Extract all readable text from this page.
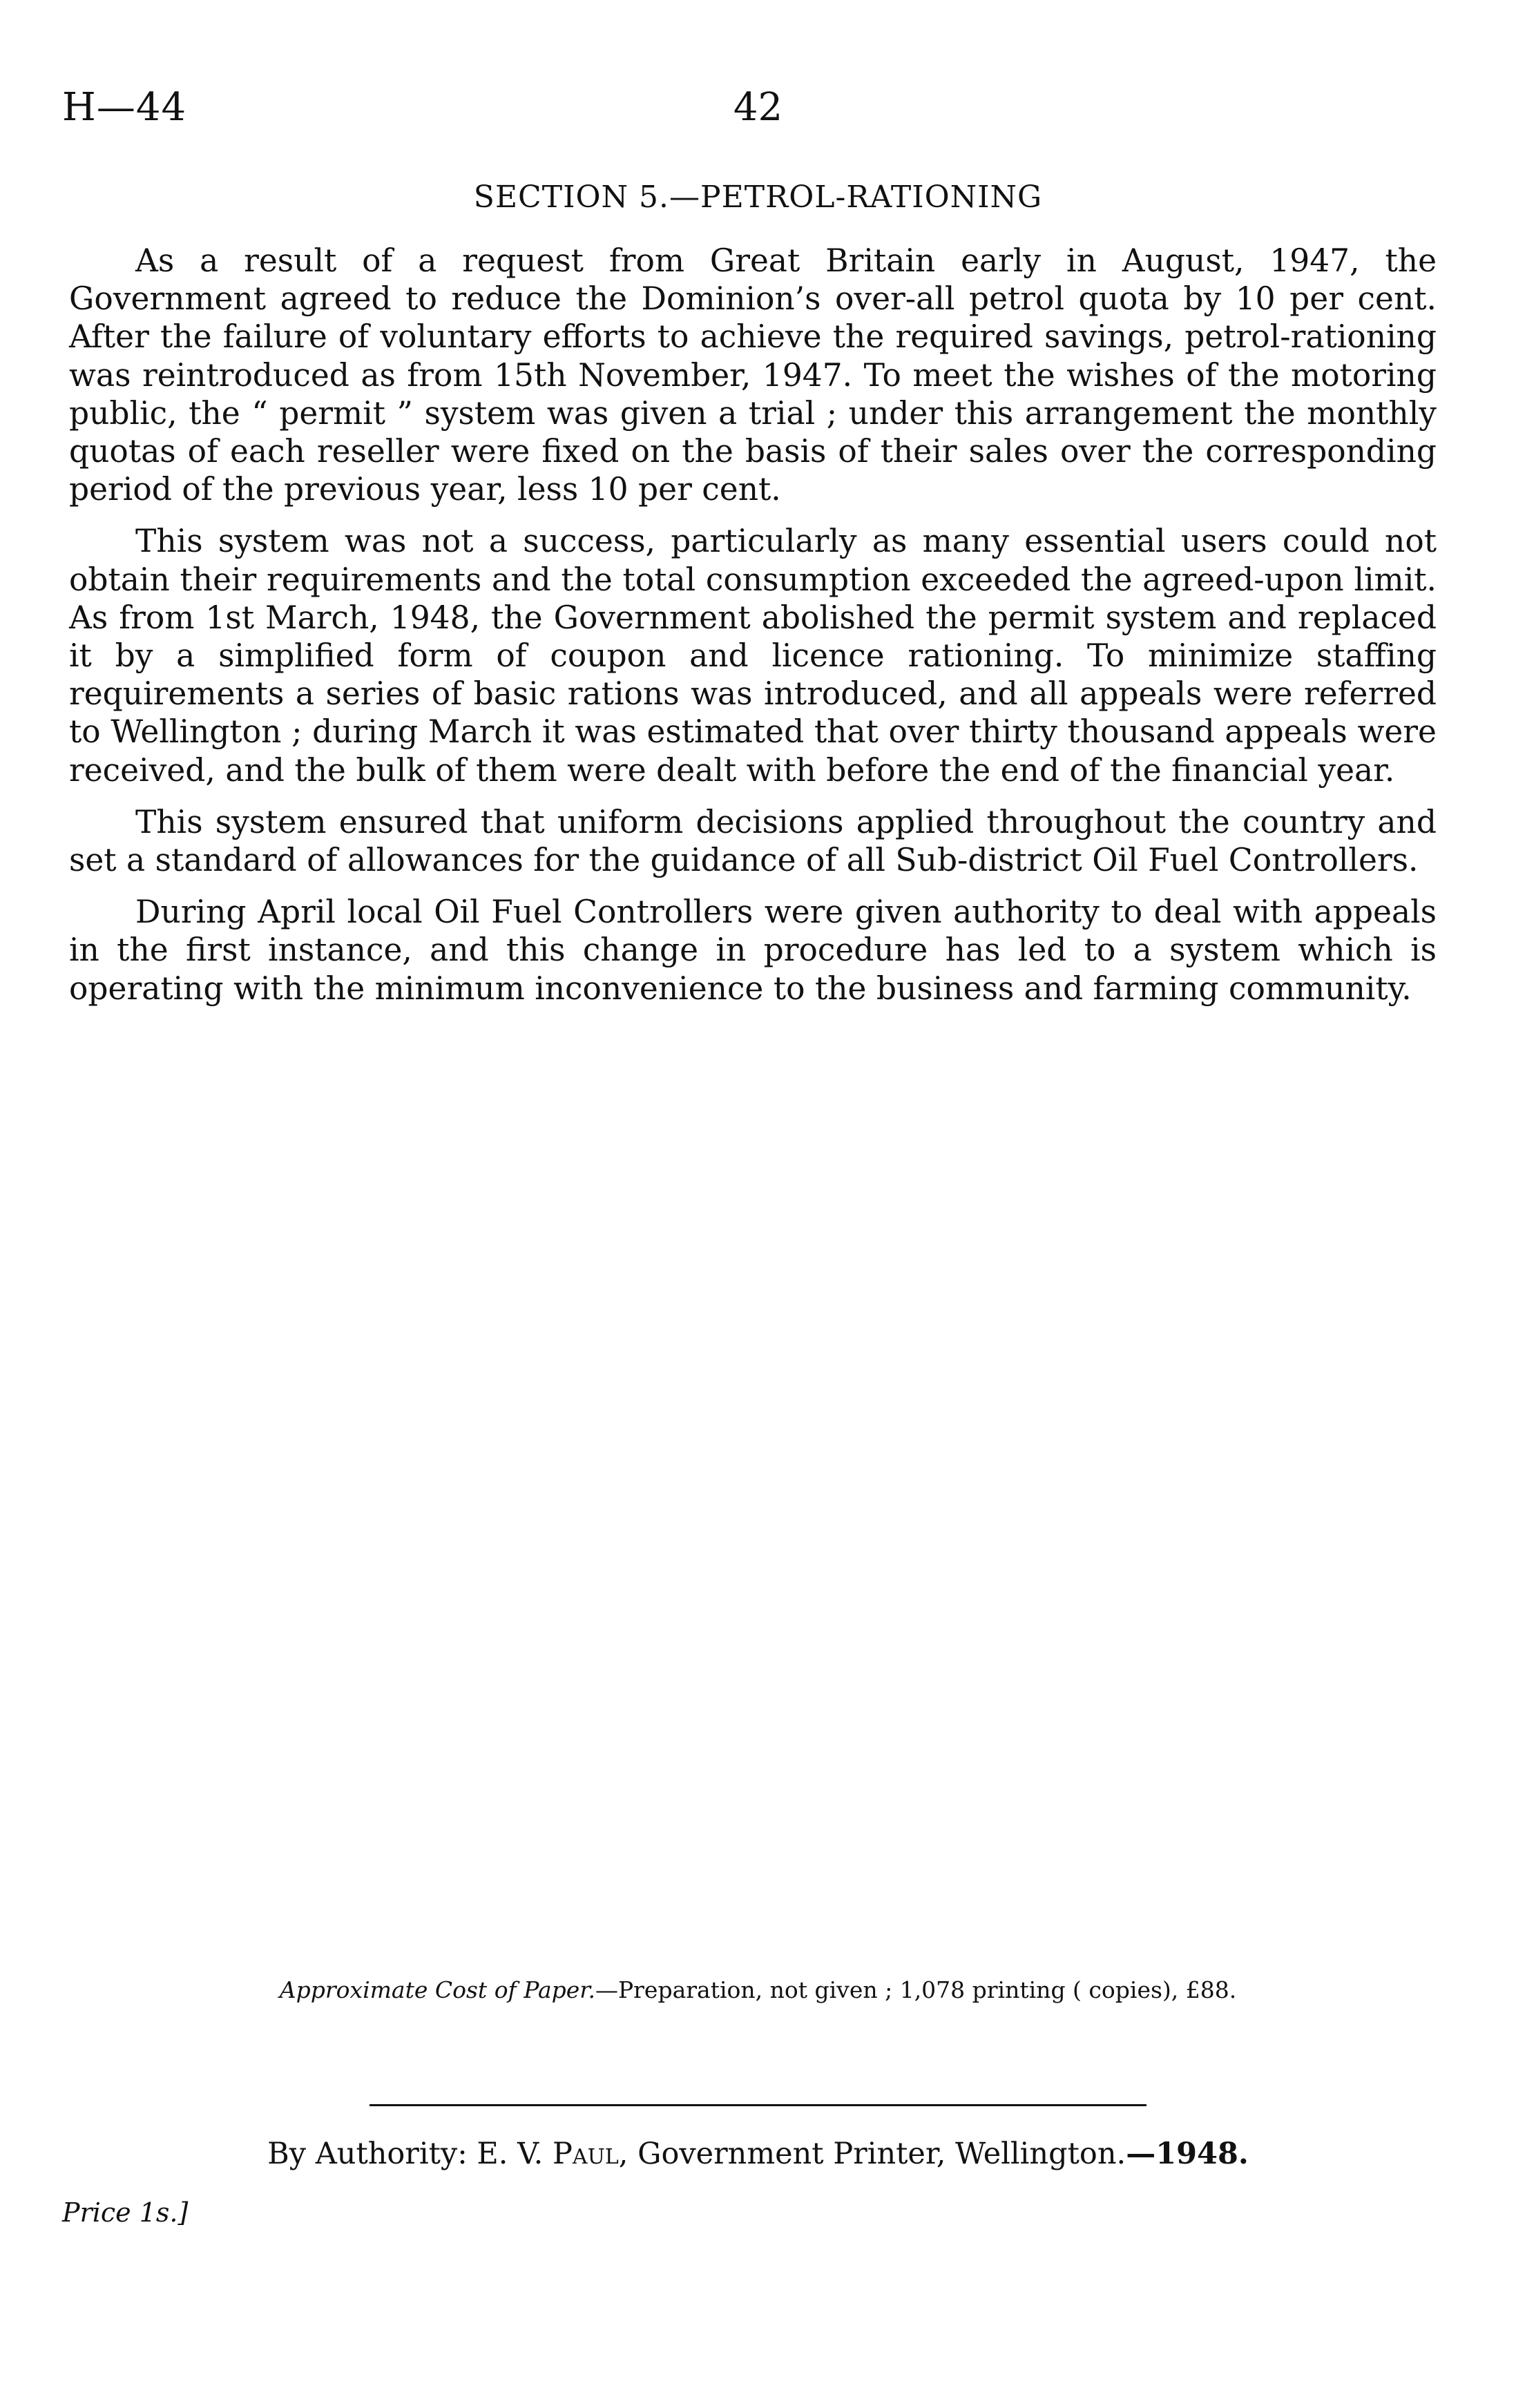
H—44	42
SECTION 5.—PETROL-RATIONING

As a result of a request from Great Britain early in August, 1947, the Government agreed to reduce the Dominion’s over-all petrol quota by 10 per cent. After the failure of voluntary efforts to achieve the required savings, petrol-rationing was reintroduced as from 15th November, 1947. To meet the wishes of the motoring public, the “ permit ” system was given a trial ; under this arrangement the monthly quotas of each reseller were fixed on the basis of their sales over the corresponding period of the previous year, less 10 per cent.

This system was not a success, particularly as many essential users could not obtain their requirements and the total consumption exceeded the agreed-upon limit. As from 1st March, 1948, the Government abolished the permit system and replaced it by a simplified form of coupon and licence rationing. To minimize staffing requirements a series of basic rations was introduced, and all appeals were referred to Wellington ; during March it was estimated that over thirty thousand appeals were received, and the bulk of them were dealt with before the end of the financial year.

This system ensured that uniform decisions applied throughout the country and set a standard of allowances for the guidance of all Sub-district Oil Fuel Controllers.

During April local Oil Fuel Controllers were given authority to deal with appeals in the first instance, and this change in procedure has led to a system which is operating with the minimum inconvenience to the business and farming community.

Approximate Cost of Paper.—Preparation, not given ; 1,078 printing ( copies), £88.
By Authority: E. V. Paul, Government Printer, Wellington.—1948.
Price 1s.]
